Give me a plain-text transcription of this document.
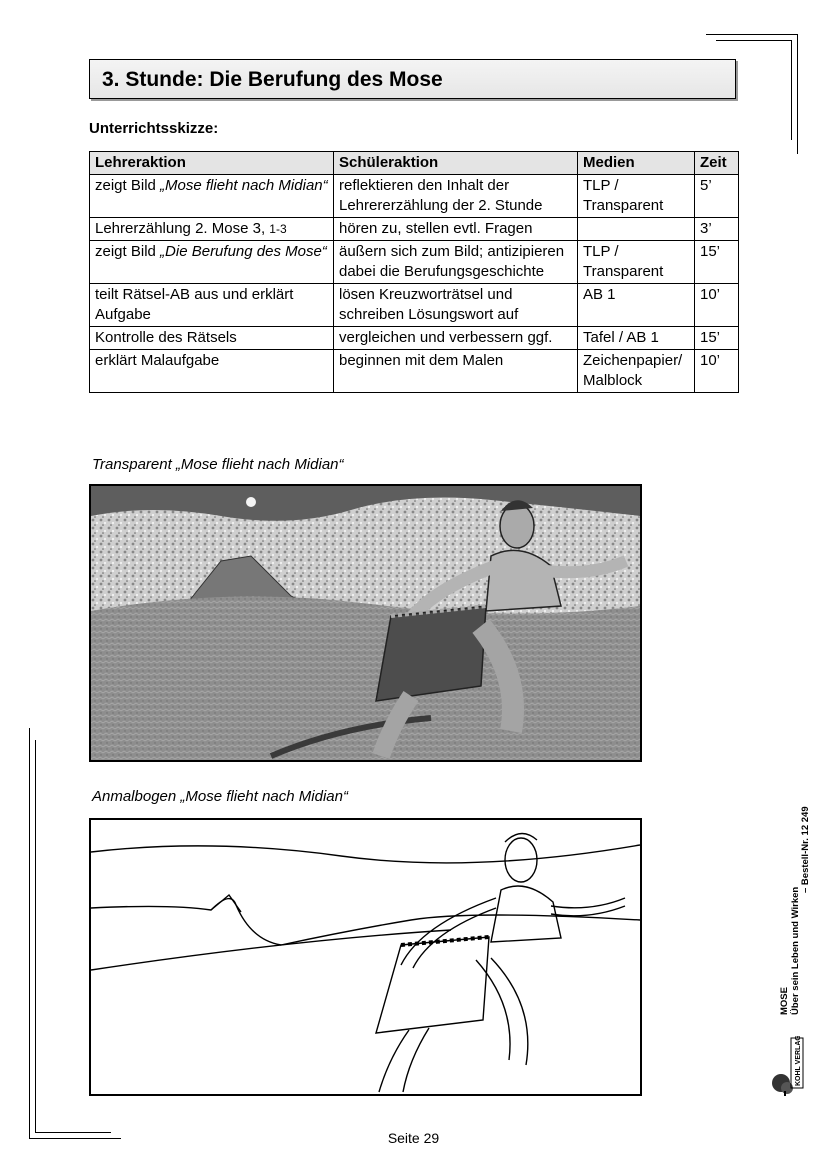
3. Stunde: Die Berufung des Mose
Unterrichtsskizze:
Lehreraktion	Schüleraktion	Medien	Zeit
zeigt Bild „Mose flieht nach Midian“	reflektieren den Inhalt der Lehrererzählung der 2. Stunde	TLP / Transparent	5’
Lehrerzählung 2. Mose 3, 1-3	hören zu, stellen evtl. Fragen		3’
zeigt Bild „Die Berufung des Mose“	äußern sich zum Bild; antizipieren dabei die Berufungsgeschichte	TLP / Transparent	15’
teilt Rätsel-AB aus und erklärt Aufgabe	lösen Kreuzworträtsel und schreiben Lösungswort auf	AB 1	10’
Kontrolle des Rätsels	vergleichen und verbessern ggf.	Tafel / AB 1	15’
erklärt Malaufgabe	beginnen mit dem Malen	Zeichenpapier/ Malblock	10’
Transparent „Mose flieht nach Midian“
Anmalbogen „Mose flieht nach Midian“
– Bestell-Nr. 12 249
MOSE Über sein Leben und Wirken
KOHL VERLAG
Seite 29
